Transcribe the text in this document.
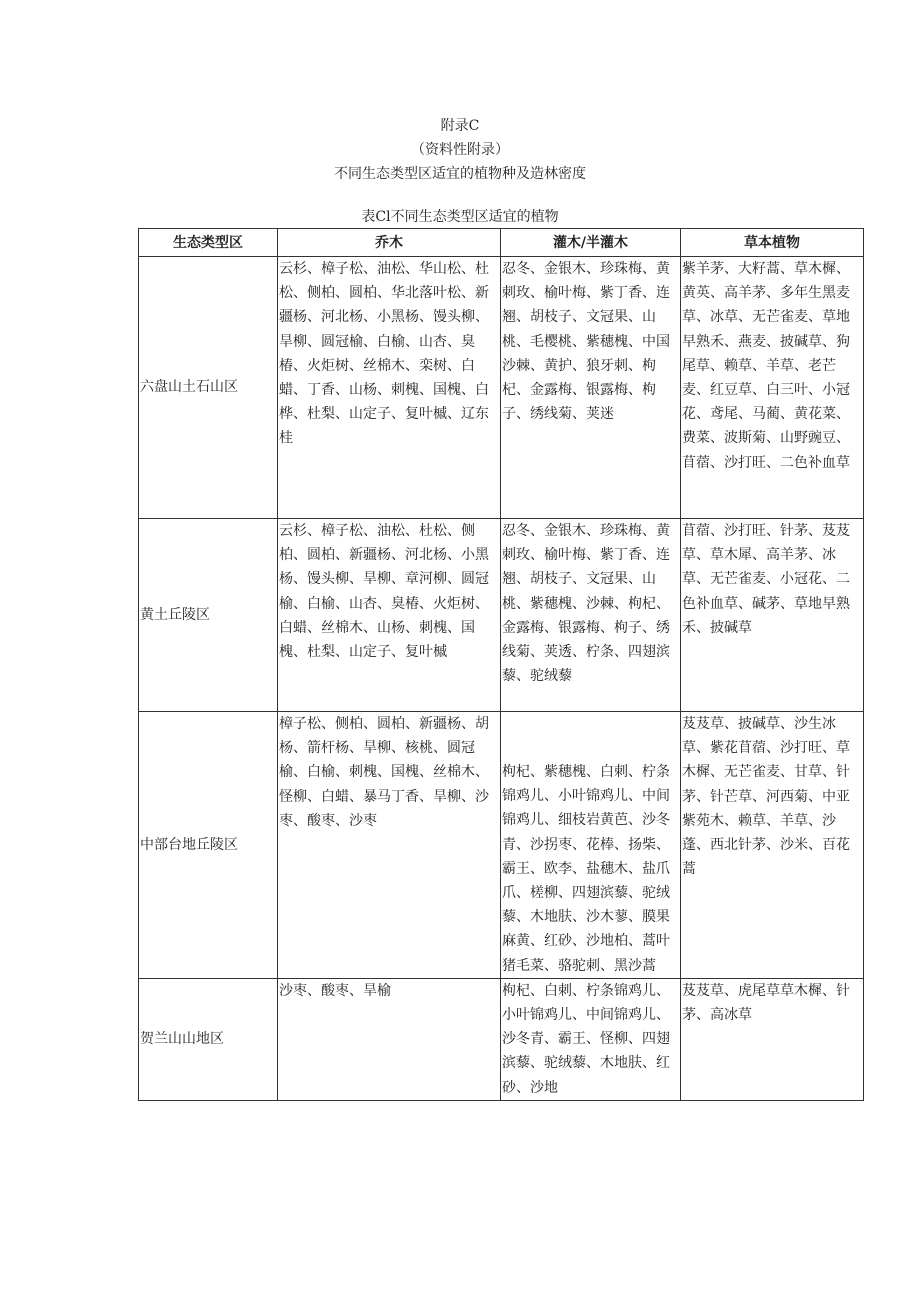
附录C
（资料性附录）
不同生态类型区适宜的植物种及造林密度
表Cl不同生态类型区适宜的植物
生态类型区	乔木	灌木/半灌木	草本植物
六盘山土石山区	云杉、樟子松、油松、华山松、杜松、侧柏、圆柏、华北落叶松、新疆杨、河北杨、小黑杨、馒头柳、旱柳、圆冠榆、白榆、山杏、臭椿、火炬树、丝棉木、栾树、白蜡、丁香、山杨、刺槐、国槐、白桦、杜梨、山定子、复叶槭、辽东桂	忍冬、金银木、珍珠梅、黄刺玫、榆叶梅、紫丁香、连翘、胡枝子、文冠果、山桃、毛樱桃、紫穗槐、中国沙棘、黄护、狼牙刺、枸杞、金露梅、银露梅、枸子、绣线菊、荚迷	紫羊茅、大籽蒿、草木樨、黄英、高羊茅、多年生黑麦草、冰草、无芒雀麦、草地早熟禾、燕麦、披碱草、狗尾草、赖草、羊草、老芒麦、红豆草、白三叶、小冠花、鸢尾、马蔺、黄花菜、费菜、波斯菊、山野豌豆、苜蓿、沙打旺、二色补血草
黄土丘陵区	云杉、樟子松、油松、杜松、侧柏、圆柏、新疆杨、河北杨、小黑杨、馒头柳、旱柳、章河柳、圆冠榆、白榆、山杏、臭椿、火炬树、白蜡、丝棉木、山杨、刺槐、国槐、杜梨、山定子、复叶槭	忍冬、金银木、珍珠梅、黄刺玫、榆叶梅、紫丁香、连翘、胡枝子、文冠果、山桃、紫穗槐、沙棘、枸杞、金露梅、银露梅、枸子、绣线菊、荚透、柠条、四翅滨藜、驼绒藜	苜蓿、沙打旺、针茅、芨芨草、草木犀、高羊茅、冰草、无芒雀麦、小冠花、二色补血草、碱茅、草地早熟禾、披碱草
中部台地丘陵区	樟子松、侧柏、圆柏、新疆杨、胡杨、箭杆杨、旱柳、核桃、圆冠榆、白榆、刺槐、国槐、丝棉木、怪柳、白蜡、暴马丁香、旱柳、沙枣、酸枣、沙枣	枸杞、紫穗槐、白刺、柠条锦鸡儿、小叶锦鸡儿、中间锦鸡儿、细枝岩黄芭、沙冬青、沙拐枣、花棒、扬柴、霸王、欧李、盐穗木、盐爪爪、槎柳、四翅滨藜、驼绒藜、木地肤、沙木蓼、膜果麻黄、红砂、沙地柏、蒿叶猪毛菜、骆驼刺、黑沙蒿	芨芨草、披碱草、沙生冰草、紫花苜蓿、沙打旺、草木樨、无芒雀麦、甘草、针茅、针芒草、河西菊、中亚紫苑木、赖草、羊草、沙蓬、西北针茅、沙米、百花蒿
贺兰山山地区	沙枣、酸枣、旱榆	枸杞、白刺、柠条锦鸡儿、小叶锦鸡儿、中间锦鸡儿、沙冬青、霸王、怪柳、四翅滨藜、驼绒藜、木地肤、红砂、沙地	芨芨草、虎尾草草木樨、针茅、高冰草
